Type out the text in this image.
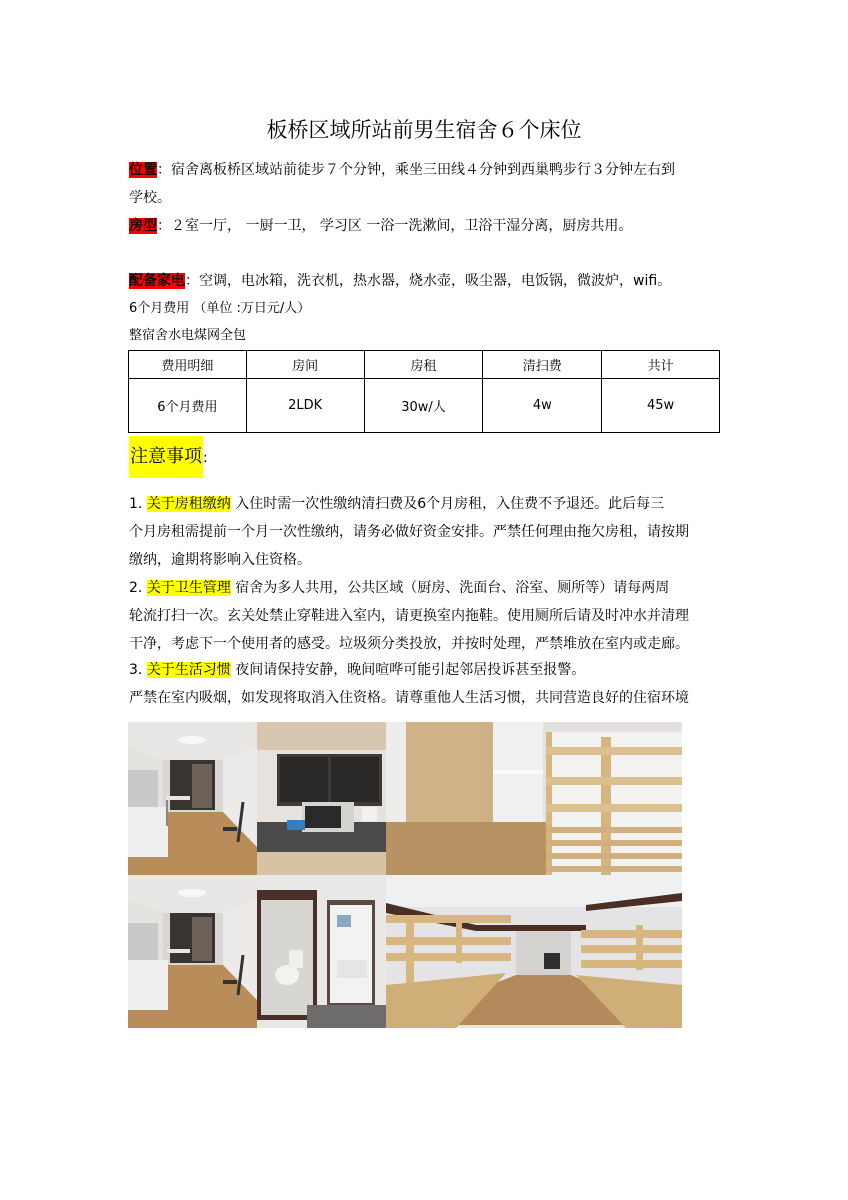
板桥区域所站前男生宿舍６个床位
位置：宿舍离板桥区域站前徒步７个分钟，乘坐三田线４分钟到西巢鸭步行３分钟左右到
学校。
房型：２室一厅， 一厨一卫， 学习区 一浴一洗漱间，卫浴干湿分离，厨房共用。
配备家电：空调，电冰箱，洗衣机，热水器，烧水壶，吸尘器，电饭锅，微波炉，wifi。
6个月费用 （单位 :万日元/人）
整宿舍水电煤网全包
费用明细	房间	房租	清扫费	共计
6个月费用	2LDK	30w/人	4w	45w
注意事项:
1. 关于房租缴纳 入住时需一次性缴纳清扫费及6个月房租，入住费不予退还。此后每三
个月房租需提前一个月一次性缴纳，请务必做好资金安排。严禁任何理由拖欠房租，请按期
缴纳，逾期将影响入住资格。
2. 关于卫生管理 宿舍为多人共用，公共区域（厨房、洗面台、浴室、厕所等）请每两周
轮流打扫一次。玄关处禁止穿鞋进入室内，请更换室内拖鞋。使用厕所后请及时冲水并清理
干净，考虑下一个使用者的感受。垃圾须分类投放，并按时处理，严禁堆放在室内或走廊。
3. 关于生活习惯 夜间请保持安静，晚间喧哗可能引起邻居投诉甚至报警。
严禁在室内吸烟，如发现将取消入住资格。请尊重他人生活习惯，共同营造良好的住宿环境
